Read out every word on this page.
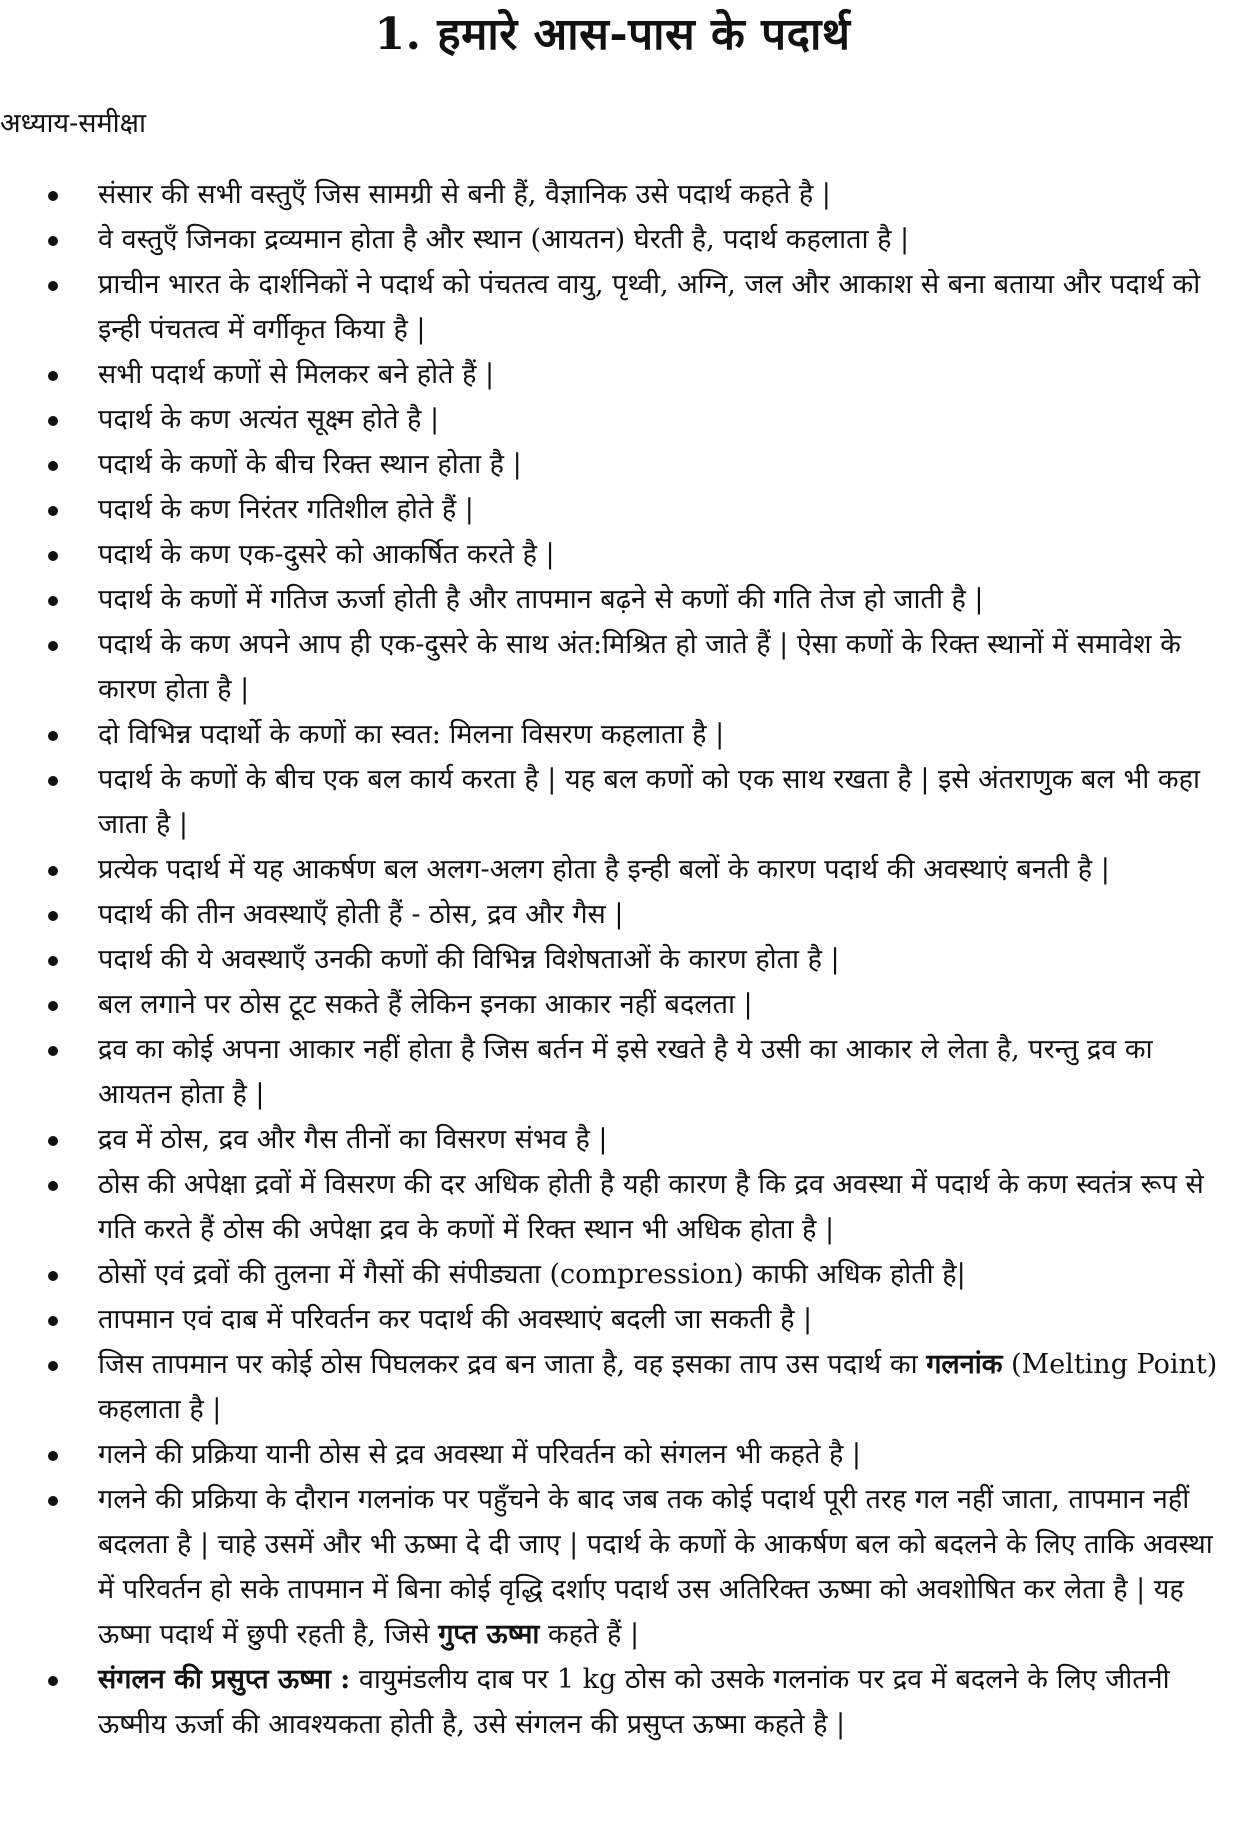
1. हमारे आस-पास के पदार्थ
अध्याय-समीक्षा
संसार की सभी वस्तुएँ जिस सामग्री से बनी हैं, वैज्ञानिक उसे पदार्थ कहते है |
वे वस्तुएँ जिनका द्रव्यमान होता है और स्थान (आयतन) घेरती है, पदार्थ कहलाता है |
प्राचीन भारत के दार्शनिकों ने पदार्थ को पंचतत्व वायु, पृथ्वी, अग्नि, जल और आकाश से बना बताया और पदार्थ को इन्ही पंचतत्व में वर्गीकृत किया है |
सभी पदार्थ कणों से मिलकर बने होते हैं |
पदार्थ के कण अत्यंत सूक्ष्म होते है |
पदार्थ के कणों के बीच रिक्त स्थान होता है |
पदार्थ के कण निरंतर गतिशील होते हैं |
पदार्थ के कण एक-दुसरे को आकर्षित करते है |
पदार्थ के कणों में गतिज ऊर्जा होती है और तापमान बढ़ने से कणों की गति तेज हो जाती है |
पदार्थ के कण अपने आप ही एक-दुसरे के साथ अंत:मिश्रित हो जाते हैं | ऐसा कणों के रिक्त स्थानों में समावेश के कारण होता है |
दो विभिन्न पदार्थो के कणों का स्वत: मिलना विसरण कहलाता है |
पदार्थ के कणों के बीच एक बल कार्य करता है | यह बल कणों को एक साथ रखता है | इसे अंतराणुक बल भी कहा जाता है |
प्रत्येक पदार्थ में यह आकर्षण बल अलग-अलग होता है इन्ही बलों के कारण पदार्थ की अवस्थाएं बनती है |
पदार्थ की तीन अवस्थाएँ होती हैं - ठोस, द्रव और गैस |
पदार्थ की ये अवस्थाएँ उनकी कणों की विभिन्न विशेषताओं के कारण होता है |
बल लगाने पर ठोस टूट सकते हैं लेकिन इनका आकार नहीं बदलता |
द्रव का कोई अपना आकार नहीं होता है जिस बर्तन में इसे रखते है ये उसी का आकार ले लेता है, परन्तु द्रव का आयतन होता है |
द्रव में ठोस, द्रव और गैस तीनों का विसरण संभव है |
ठोस की अपेक्षा द्रवों में विसरण की दर अधिक होती है यही कारण है कि द्रव अवस्था में पदार्थ के कण स्वतंत्र रूप से गति करते हैं ठोस की अपेक्षा द्रव के कणों में रिक्त स्थान भी अधिक होता है |
ठोसों एवं द्रवों की तुलना में गैसों की संपीड्यता (compression) काफी अधिक होती है|
तापमान एवं दाब में परिवर्तन कर पदार्थ की अवस्थाएं बदली जा सकती है |
जिस तापमान पर कोई ठोस पिघलकर द्रव बन जाता है, वह इसका ताप उस पदार्थ का गलनांक (Melting Point) कहलाता है |
गलने की प्रक्रिया यानी ठोस से द्रव अवस्था में परिवर्तन को संगलन भी कहते है |
गलने की प्रक्रिया के दौरान गलनांक पर पहुँचने के बाद जब तक कोई पदार्थ पूरी तरह गल नहीं जाता, तापमान नहीं बदलता है | चाहे उसमें और भी ऊष्मा दे दी जाए | पदार्थ के कणों के आकर्षण बल को बदलने के लिए ताकि अवस्था में परिवर्तन हो सके तापमान में बिना कोई वृद्धि दर्शाए पदार्थ उस अतिरिक्त ऊष्मा को अवशोषित कर लेता है | यह ऊष्मा पदार्थ में छुपी रहती है, जिसे गुप्त ऊष्मा कहते हैं |
संगलन की प्रसुप्त ऊष्मा : वायुमंडलीय दाब पर 1 kg ठोस को उसके गलनांक पर द्रव में बदलने के लिए जीतनी ऊष्मीय ऊर्जा की आवश्यकता होती है, उसे संगलन की प्रसुप्त ऊष्मा कहते है |
